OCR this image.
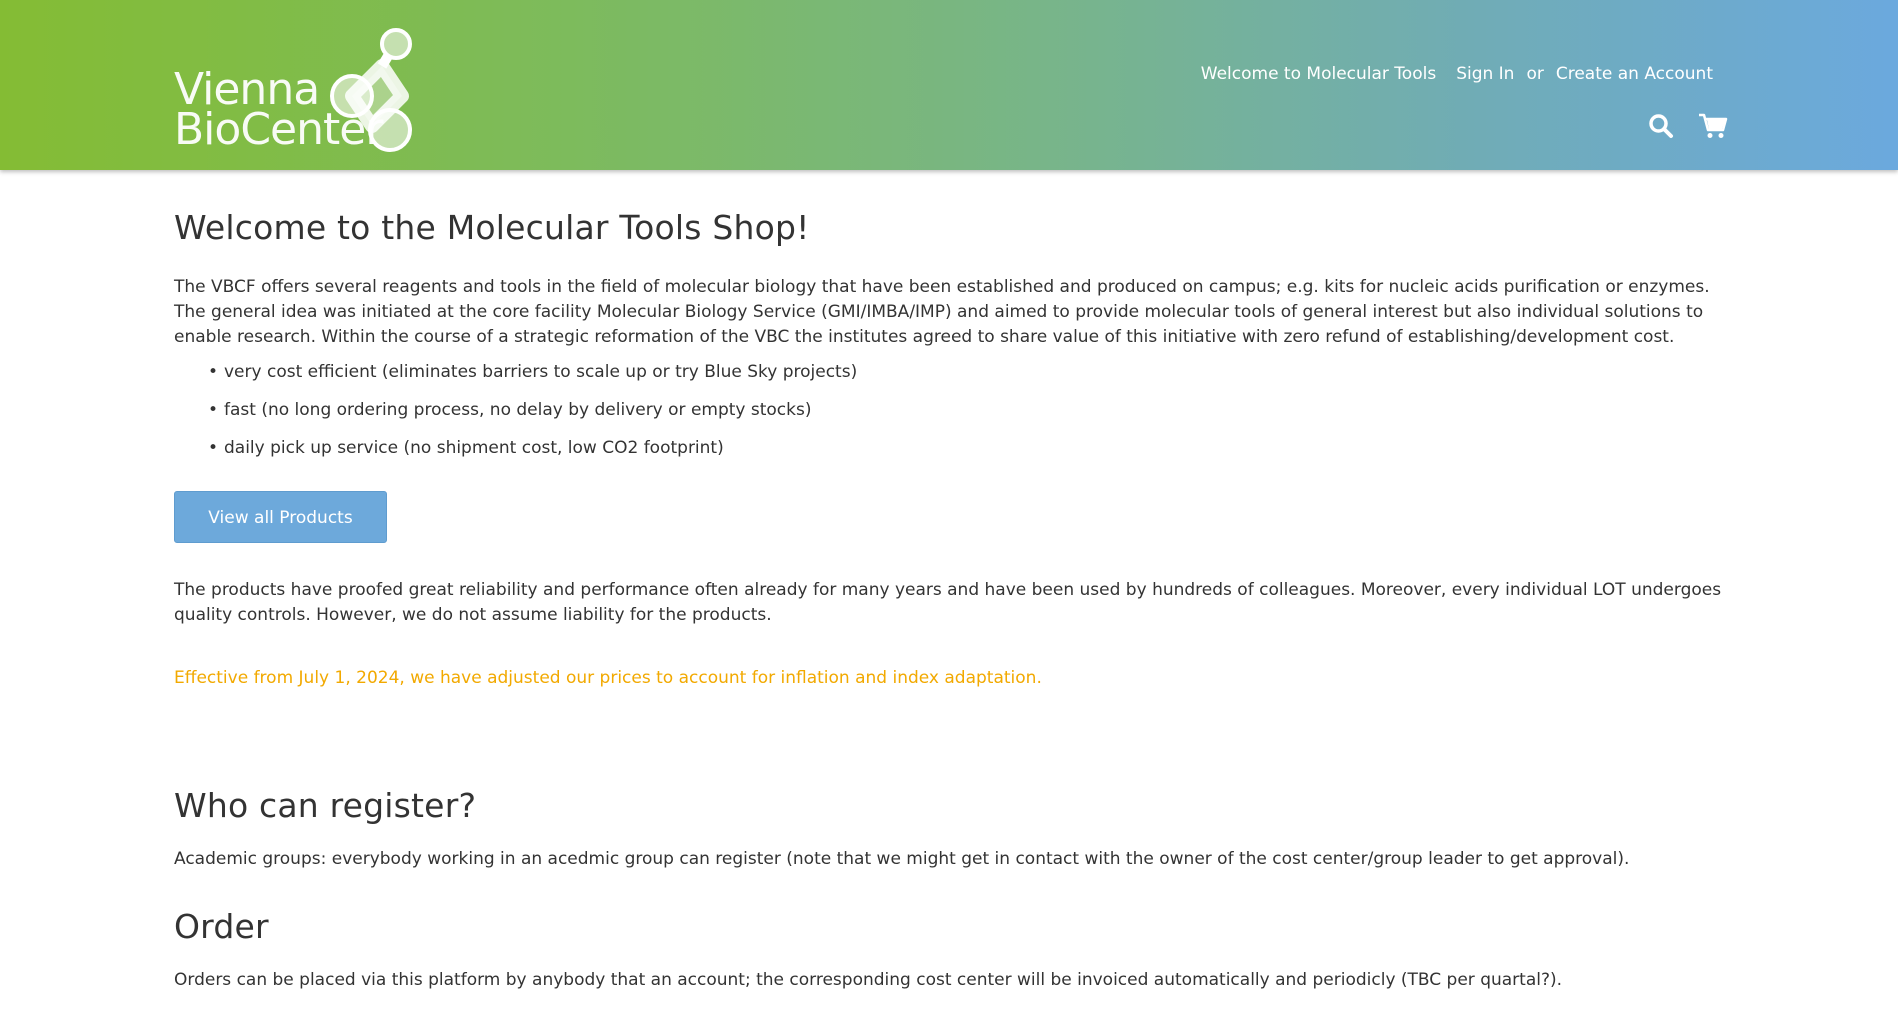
Vienna
BioCenter
Welcome to Molecular Tools Sign In or Create an Account
Welcome to the Molecular Tools Shop!

The VBCF offers several reagents and tools in the field of molecular biology that have been established and produced on campus; e.g. kits for nucleic acids purification or enzymes. The general idea was initiated at the core facility Molecular Biology Service (GMI/IMBA/IMP) and aimed to provide molecular tools of general interest but also individual solutions to enable research. Within the course of a strategic reformation of the VBC the institutes agreed to share value of this initiative with zero refund of establishing/development cost.

• very cost efficient (eliminates barriers to scale up or try Blue Sky projects)
• fast (no long ordering process, no delay by delivery or empty stocks)
• daily pick up service (no shipment cost, low CO2 footprint)
View all Products

The products have proofed great reliability and performance often already for many years and have been used by hundreds of colleagues. Moreover, every individual LOT undergoes quality controls. However, we do not assume liability for the products.

Effective from July 1, 2024, we have adjusted our prices to account for inflation and index adaptation.

Who can register?

Academic groups: everybody working in an acedmic group can register (note that we might get in contact with the owner of the cost center/group leader to get approval).

Order

Orders can be placed via this platform by anybody that an account; the corresponding cost center will be invoiced automatically and periodicly (TBC per quartal?).
